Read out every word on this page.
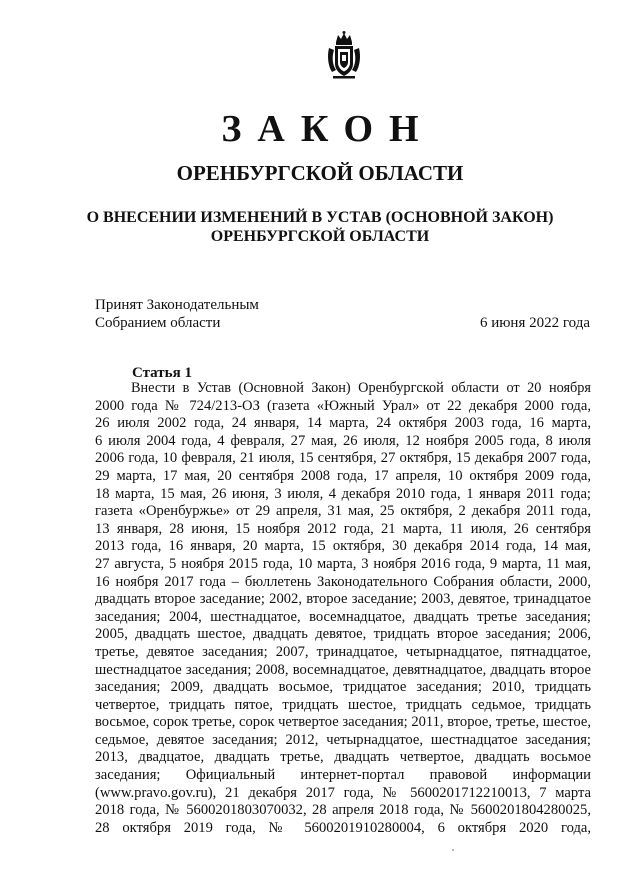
ЗАКОН
ОРЕНБУРГСКОЙ ОБЛАСТИ
О ВНЕСЕНИИ ИЗМЕНЕНИЙ В УСТАВ (ОСНОВНОЙ ЗАКОН)
ОРЕНБУРГСКОЙ ОБЛАСТИ
Принят Законодательным
Собранием области	6 июня 2022 года
Статья 1
Внести в Устав (Основной Закон) Оренбургской области от 20 ноября
2000 года № 724/213-ОЗ (газета «Южный Урал» от 22 декабря 2000 года,
26 июля 2002 года, 24 января, 14 марта, 24 октября 2003 года, 16 марта,
6 июля 2004 года, 4 февраля, 27 мая, 26 июля, 12 ноября 2005 года, 8 июля
2006 года, 10 февраля, 21 июля, 15 сентября, 27 октября, 15 декабря 2007 года,
29 марта, 17 мая, 20 сентября 2008 года, 17 апреля, 10 октября 2009 года,
18 марта, 15 мая, 26 июня, 3 июля, 4 декабря 2010 года, 1 января 2011 года;
газета «Оренбуржье» от 29 апреля, 31 мая, 25 октября, 2 декабря 2011 года,
13 января, 28 июня, 15 ноября 2012 года, 21 марта, 11 июля, 26 сентября
2013 года, 16 января, 20 марта, 15 октября, 30 декабря 2014 года, 14 мая,
27 августа, 5 ноября 2015 года, 10 марта, 3 ноября 2016 года, 9 марта, 11 мая,
16 ноября 2017 года – бюллетень Законодательного Собрания области, 2000,
двадцать второе заседание; 2002, второе заседание; 2003, девятое, тринадцатое
заседания; 2004, шестнадцатое, восемнадцатое, двадцать третье заседания;
2005, двадцать шестое, двадцать девятое, тридцать второе заседания; 2006,
третье, девятое заседания; 2007, тринадцатое, четырнадцатое, пятнадцатое,
шестнадцатое заседания; 2008, восемнадцатое, девятнадцатое, двадцать второе
заседания; 2009, двадцать восьмое, тридцатое заседания; 2010, тридцать
четвертое, тридцать пятое, тридцать шестое, тридцать седьмое, тридцать
восьмое, сорок третье, сорок четвертое заседания; 2011, второе, третье, шестое,
седьмое, девятое заседания; 2012, четырнадцатое, шестнадцатое заседания;
2013, двадцатое, двадцать третье, двадцать четвертое, двадцать восьмое
заседания; Официальный интернет-портал правовой информации
(www.pravo.gov.ru), 21 декабря 2017 года, № 5600201712210013, 7 марта
2018 года, № 5600201803070032, 28 апреля 2018 года, № 5600201804280025,
28 октября 2019 года, № 5600201910280004, 6 октября 2020 года,
